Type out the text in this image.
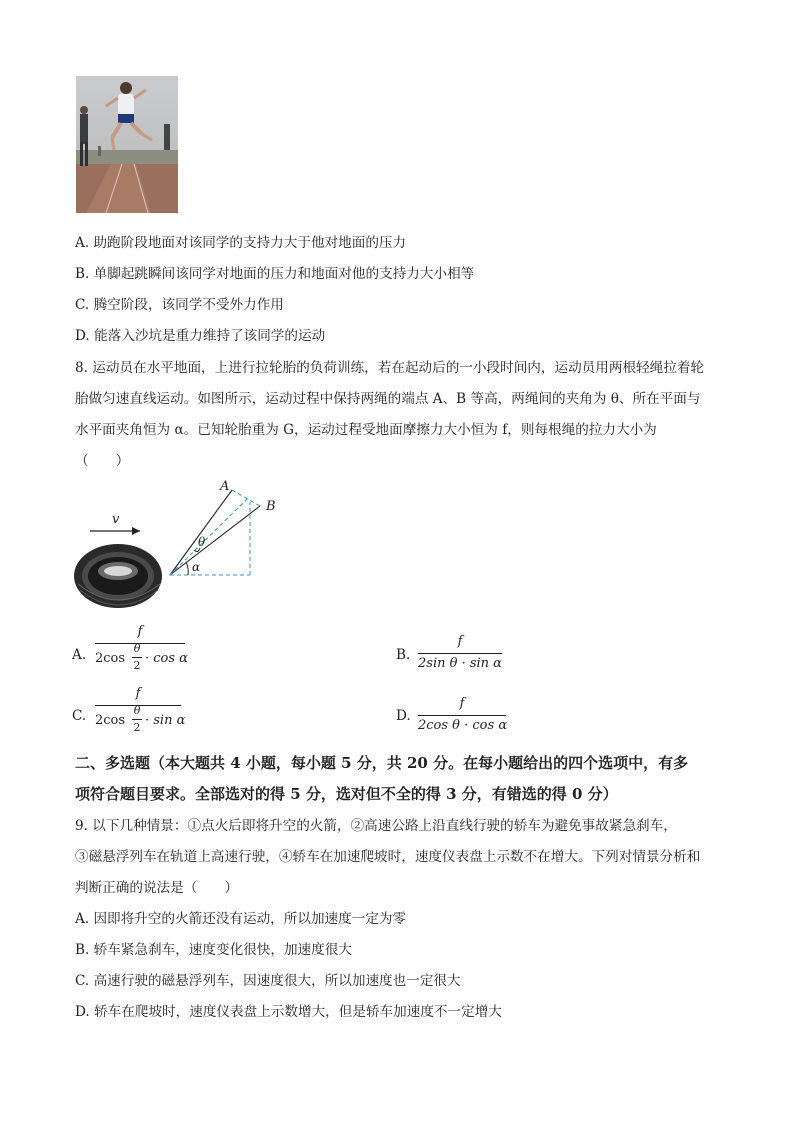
A. 助跑阶段地面对该同学的支持力大于他对地面的压力
B. 单脚起跳瞬间该同学对地面的压力和地面对他的支持力大小相等
C. 腾空阶段，该同学不受外力作用
D. 能落入沙坑是重力维持了该同学的运动
8. 运动员在水平地面，上进行拉轮胎的负荷训练，若在起动后的一小段时间内，运动员用两根轻绳拉着轮
胎做匀速直线运动。如图所示，运动过程中保持两绳的端点 A、B 等高，两绳间的夹角为 θ、所在平面与
水平面夹角恒为 α。已知轮胎重为 G，运动过程受地面摩擦力大小恒为 f，则每根绳的拉力大小为
（　　）
v
A
B
θ
α
A.
f
2cos
θ
2 · cos α	B.
f
2sin θ · sin α
C.
f
2cos
θ
2 · sin α	D.
f
2cos θ · cos α
二、多选题（本大题共 4 小题，每小题 5 分，共 20 分。在每小题给出的四个选项中，有多
项符合题目要求。全部选对的得 5 分，选对但不全的得 3 分，有错选的得 0 分）
9. 以下几种情景：①点火后即将升空的火箭，②高速公路上沿直线行驶的轿车为避免事故紧急刹车，
③磁悬浮列车在轨道上高速行驶，④轿车在加速爬坡时，速度仪表盘上示数不在增大。下列对情景分析和
判断正确的说法是（　　）
A. 因即将升空的火箭还没有运动，所以加速度一定为零
B. 轿车紧急刹车，速度变化很快，加速度很大
C. 高速行驶的磁悬浮列车，因速度很大，所以加速度也一定很大
D. 轿车在爬坡时，速度仪表盘上示数增大，但是轿车加速度不一定增大
